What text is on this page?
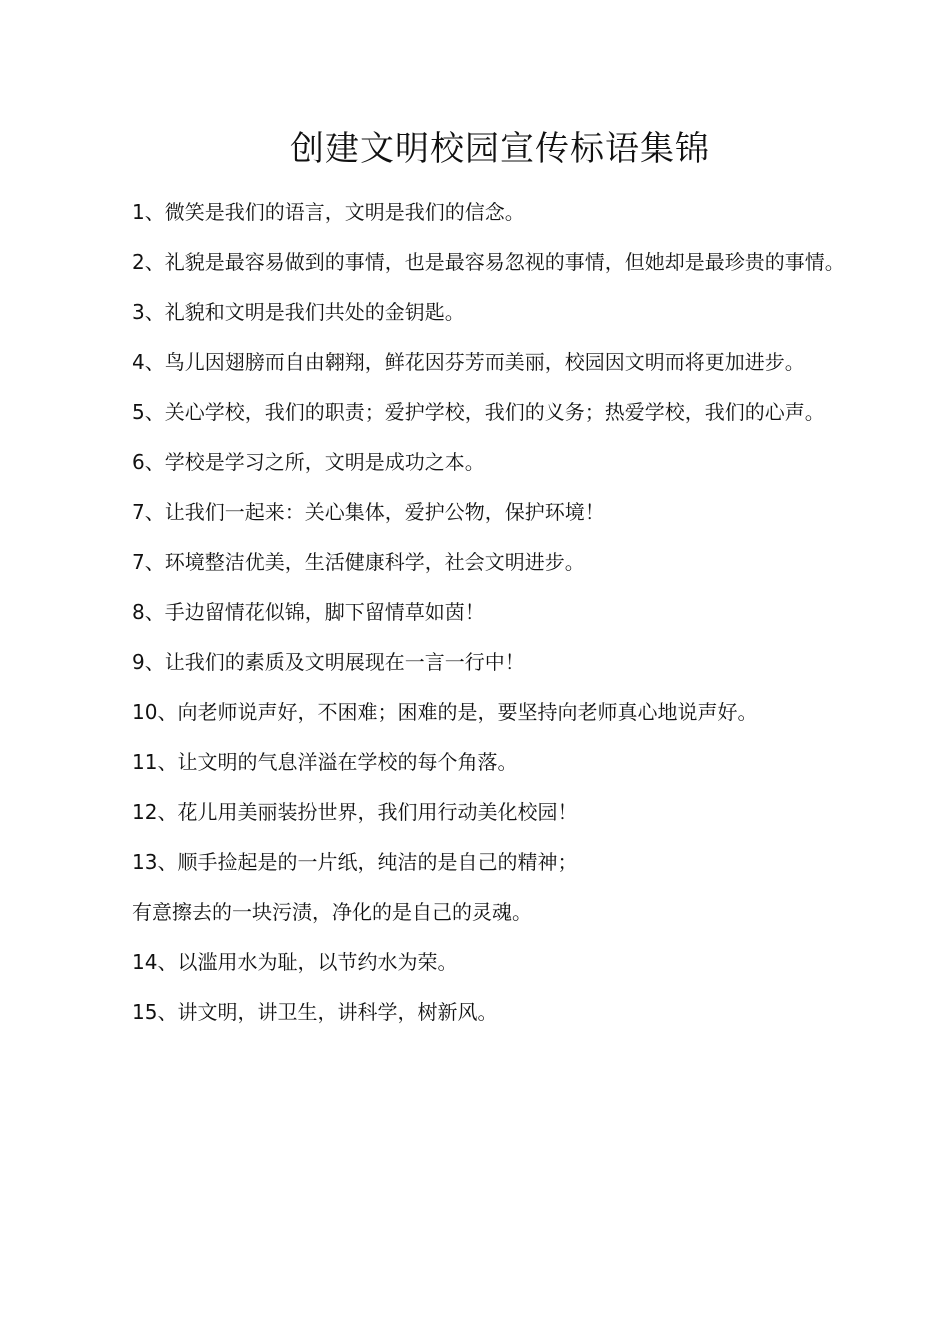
创建文明校园宣传标语集锦

1、微笑是我们的语言，文明是我们的信念。

2、礼貌是最容易做到的事情，也是最容易忽视的事情，但她却是最珍贵的事情。

3、礼貌和文明是我们共处的金钥匙。

4、鸟儿因翅膀而自由翱翔，鲜花因芬芳而美丽，校园因文明而将更加进步。

5、关心学校，我们的职责；爱护学校，我们的义务；热爱学校，我们的心声。

6、学校是学习之所，文明是成功之本。

7、让我们一起来：关心集体，爱护公物，保护环境！

7、环境整洁优美，生活健康科学，社会文明进步。

8、手边留情花似锦，脚下留情草如茵！

9、让我们的素质及文明展现在一言一行中！

10、向老师说声好，不困难；困难的是，要坚持向老师真心地说声好。

11、让文明的气息洋溢在学校的每个角落。

12、花儿用美丽装扮世界，我们用行动美化校园！

13、顺手捡起是的一片纸，纯洁的是自己的精神；

有意擦去的一块污渍，净化的是自己的灵魂。

14、以滥用水为耻，以节约水为荣。

15、讲文明，讲卫生，讲科学，树新风。
